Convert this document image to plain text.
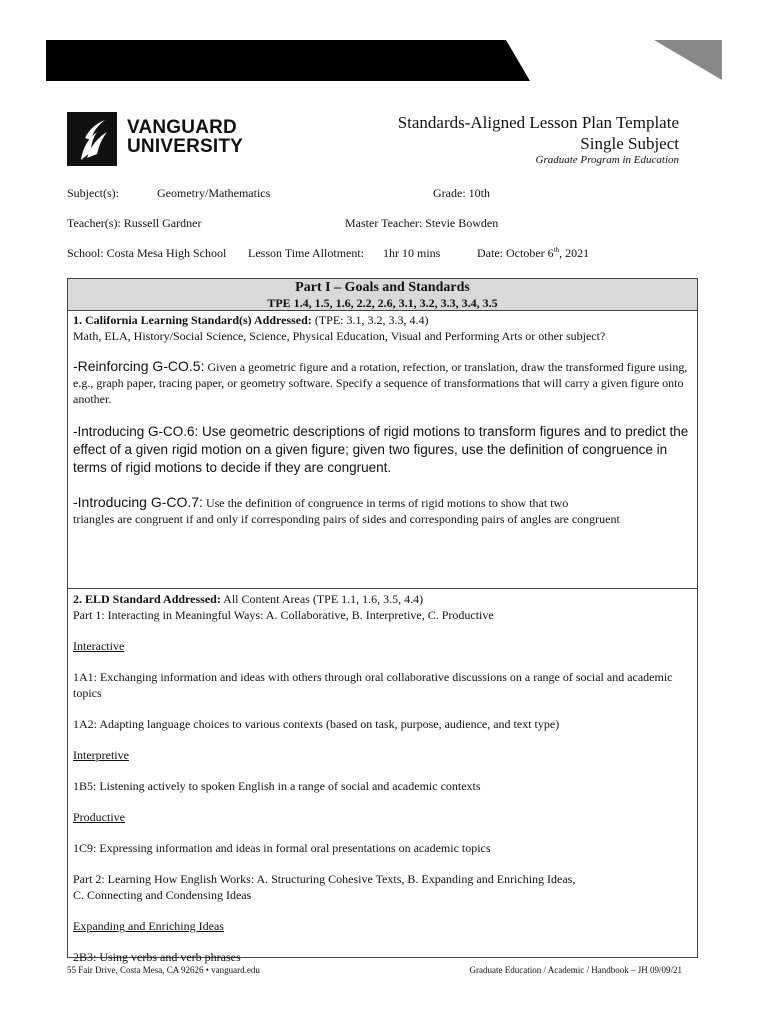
VANGUARD
UNIVERSITY
Standards-Aligned Lesson Plan Template
Single Subject
Graduate Program in Education
Subject(s):	Geometry/Mathematics	Grade: 10th
Teacher(s): Russell Gardner	Master Teacher: Stevie Bowden
School: Costa Mesa High School Lesson Time Allotment: 1hr 10 mins	Date: October 6th, 2021
Part I – Goals and Standards
TPE 1.4, 1.5, 1.6, 2.2, 2.6, 3.1, 3.2, 3.3, 3.4, 3.5

1. California Learning Standard(s) Addressed: (TPE: 3.1, 3.2, 3.3, 4.4)

Math, ELA, History/Social Science, Science, Physical Education, Visual and Performing Arts or other subject?

-Reinforcing G-CO.5: Given a geometric figure and a rotation, refection, or translation, draw the transformed figure using, e.g., graph paper, tracing paper, or geometry software. Specify a sequence of transformations that will carry a given figure onto another.

-Introducing G-CO.6: Use geometric descriptions of rigid motions to transform figures and to predict the effect of a given rigid motion on a given figure; given two figures, use the definition of congruence in terms of rigid motions to decide if they are congruent.

-Introducing G-CO.7: Use the definition of congruence in terms of rigid motions to show that two
triangles are congruent if and only if corresponding pairs of sides and corresponding pairs of angles are congruent

2. ELD Standard Addressed: All Content Areas (TPE 1.1, 1.6, 3.5, 4.4)

Part 1: Interacting in Meaningful Ways: A. Collaborative, B. Interpretive, C. Productive

Interactive

1A1: Exchanging information and ideas with others through oral collaborative discussions on a range of social and academic topics

1A2: Adapting language choices to various contexts (based on task, purpose, audience, and text type)

Interpretive

1B5: Listening actively to spoken English in a range of social and academic contexts

Productive

1C9: Expressing information and ideas in formal oral presentations on academic topics

Part 2: Learning How English Works: A. Structuring Cohesive Texts, B. Expanding and Enriching Ideas,
C. Connecting and Condensing Ideas

Expanding and Enriching Ideas

2B3: Using verbs and verb phrases

55 Fair Drive, Costa Mesa, CA 92626 • vanguard.edu	Graduate Education / Academic / Handbook – JH 09/09/21
